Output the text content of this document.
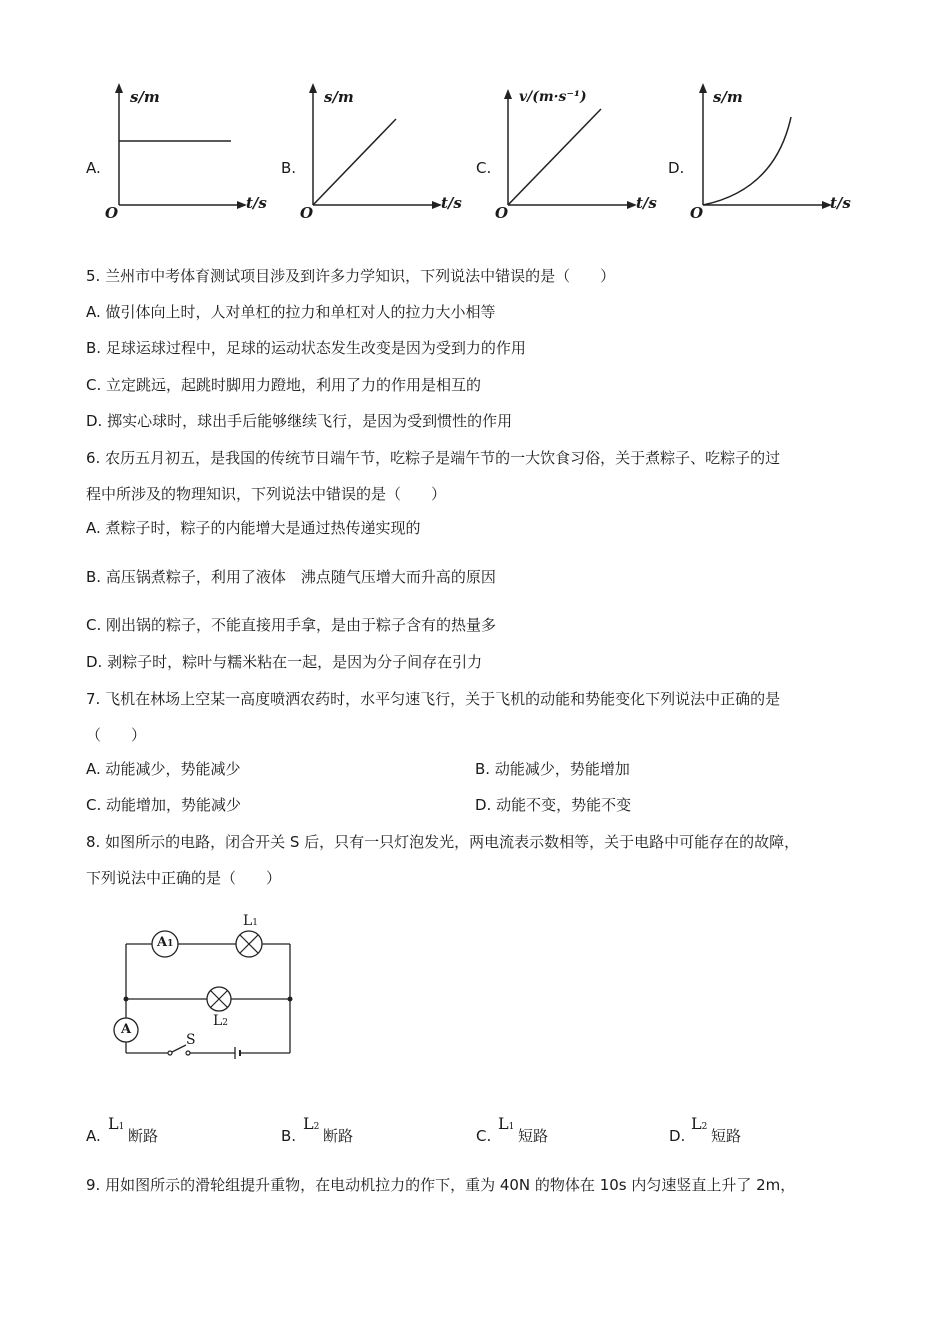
A.
s/m
t/s
O
B.
s/m
t/s
O
C.
v/(m·s⁻¹)
t/s
O
D.
s/m
t/s
O
5. 兰州市中考体育测试项目涉及到许多力学知识，下列说法中错误的是（　　）
A. 做引体向上时，人对单杠的拉力和单杠对人的拉力大小相等
B. 足球运球过程中，足球的运动状态发生改变是因为受到力的作用
C. 立定跳远，起跳时脚用力蹬地，利用了力的作用是相互的
D. 掷实心球时，球出手后能够继续飞行，是因为受到惯性的作用
6. 农历五月初五，是我国的传统节日端午节，吃粽子是端午节的一大饮食习俗，关于煮粽子、吃粽子的过
程中所涉及的物理知识，下列说法中错误的是（　　）
A. 煮粽子时，粽子的内能增大是通过热传递实现的
B. 高压锅煮粽子，利用了液体　沸点随气压增大而升高的原因
C. 刚出锅的粽子，不能直接用手拿，是由于粽子含有的热量多
D. 剥粽子时，粽叶与糯米粘在一起，是因为分子间存在引力
7. 飞机在林场上空某一高度喷洒农药时，水平匀速飞行，关于飞机的动能和势能变化下列说法中正确的是
（　　）
A. 动能减少，势能减少	B. 动能减少，势能增加
C. 动能增加，势能减少	D. 动能不变，势能不变
8. 如图所示的电路，闭合开关 S 后，只有一只灯泡发光，两电流表示数相等，关于电路中可能存在的故障，
下列说法中正确的是（　　）
A1
L1
L2
A
S
A.
L1 断路	B.
L2 断路	C.
L1 短路	D.
L2 短路
9. 用如图所示的滑轮组提升重物，在电动机拉力的作下，重为 40N 的物体在 10s 内匀速竖直上升了 2m，
